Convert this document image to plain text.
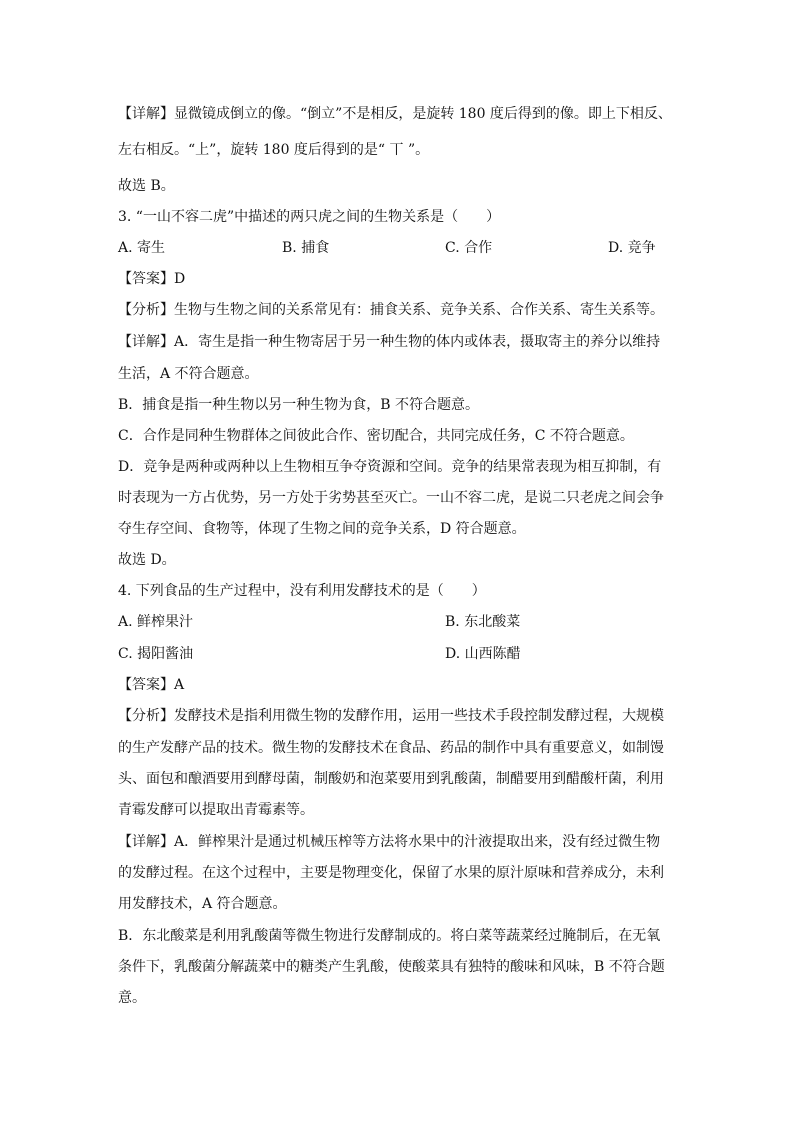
【详解】显微镜成倒立的像。“倒立”不是相反，是旋转 180 度后得到的像。即上下相反、
左右相反。“上”，旋转 180 度后得到的是“ 丅 ”。
故选 B。
3. “一山不容二虎”中描述的两只虎之间的生物关系是（　　）
A. 寄生	B. 捕食	C. 合作	D. 竞争
【答案】D
【分析】生物与生物之间的关系常见有：捕食关系、竞争关系、合作关系、寄生关系等。
【详解】A．寄生是指一种生物寄居于另一种生物的体内或体表，摄取寄主的养分以维持
生活，A 不符合题意。
B．捕食是指一种生物以另一种生物为食，B 不符合题意。
C．合作是同种生物群体之间彼此合作、密切配合，共同完成任务，C 不符合题意。
D．竞争是两种或两种以上生物相互争夺资源和空间。竞争的结果常表现为相互抑制，有
时表现为一方占优势，另一方处于劣势甚至灭亡。一山不容二虎，是说二只老虎之间会争
夺生存空间、食物等，体现了生物之间的竞争关系，D 符合题意。
故选 D。
4. 下列食品的生产过程中，没有利用发酵技术的是（　　）
A. 鲜榨果汁	B. 东北酸菜
C. 揭阳酱油	D. 山西陈醋
【答案】A
【分析】发酵技术是指利用微生物的发酵作用，运用一些技术手段控制发酵过程，大规模
的生产发酵产品的技术。微生物的发酵技术在食品、药品的制作中具有重要意义，如制馒
头、面包和酿酒要用到酵母菌，制酸奶和泡菜要用到乳酸菌，制醋要用到醋酸杆菌，利用
青霉发酵可以提取出青霉素等。
【详解】A．鲜榨果汁是通过机械压榨等方法将水果中的汁液提取出来，没有经过微生物
的发酵过程。在这个过程中，主要是物理变化，保留了水果的原汁原味和营养成分，未利
用发酵技术，A 符合题意。
B．东北酸菜是利用乳酸菌等微生物进行发酵制成的。将白菜等蔬菜经过腌制后，在无氧
条件下，乳酸菌分解蔬菜中的糖类产生乳酸，使酸菜具有独特的酸味和风味，B 不符合题
意。
